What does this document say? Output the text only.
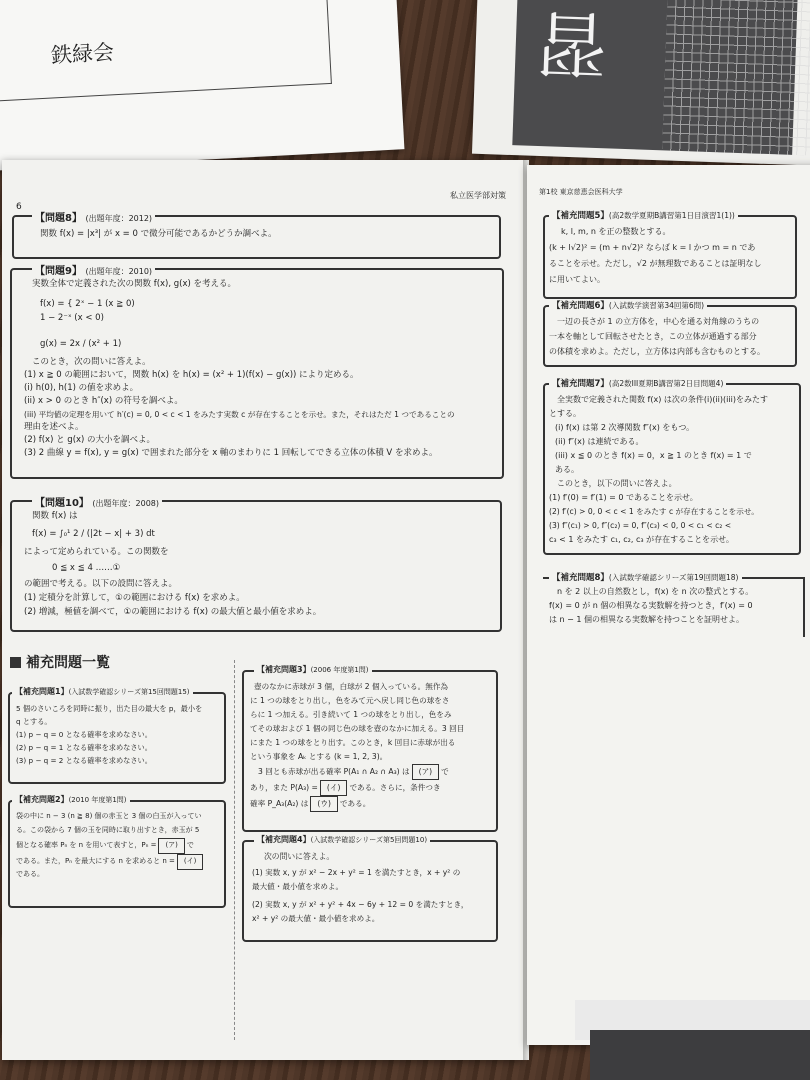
鉄緑会	習
6
私立医学部対策
【問題8】 (出題年度：2012)
関数 f(x) = |x³| が x = 0 で微分可能であるかどうか調べよ。
【問題9】 (出題年度：2010)
実数全体で定義された次の関数 f(x), g(x) を考える。
f(x) = { 2ˣ − 1 (x ≧ 0)
1 − 2⁻ˣ (x < 0)
g(x) = 2x / (x² + 1)
このとき，次の問いに答えよ。
(1) x ≧ 0 の範囲において，関数 h(x) を h(x) = (x² + 1)(f(x) − g(x)) により定める。
(i) h(0), h(1) の値を求めよ。
(ii) x > 0 のとき h″(x) の符号を調べよ。
(iii) 平均値の定理を用いて h′(c) = 0, 0 < c < 1 をみたす実数 c が存在することを示せ。また，それはただ 1 つであることの
理由を述べよ。
(2) f(x) と g(x) の大小を調べよ。
(3) 2 曲線 y = f(x), y = g(x) で囲まれた部分を x 軸のまわりに 1 回転してできる立体の体積 V を求めよ。
【問題10】 (出題年度：2008)
関数 f(x) は
f(x) = ∫₀¹ 2 / (|2t − x| + 3) dt
によって定められている。この関数を
0 ≦ x ≦ 4 ……①
の範囲で考える。以下の設問に答えよ。
(1) 定積分を計算して，①の範囲における f(x) を求めよ。
(2) 増減，極値を調べて，①の範囲における f(x) の最大値と最小値を求めよ。
補充問題一覧
【補充問題1】(入試数学確認シリーズ第15回問題15)
5 個のさいころを同時に振り，出た目の最大を p，最小を
q とする。
(1) p − q = 0 となる確率を求めなさい。
(2) p − q = 1 となる確率を求めなさい。
(3) p − q = 2 となる確率を求めなさい。
【補充問題2】(2010 年度第1問)
袋の中に n − 3 (n ≧ 8) 個の赤玉と 3 個の白玉が入ってい
る。この袋から 7 個の玉を同時に取り出すとき，赤玉が 5
個となる確率 Pₙ を n を用いて表すと，Pₙ = (ア) で
である。また，Pₙ を最大にする n を求めると n = (イ)
である。
【補充問題3】(2006 年度第1問)
壺のなかに赤球が 3 個，白球が 2 個入っている。無作為
に 1 つの球をとり出し，色をみて元へ戻し同じ色の球をさ
らに 1 つ加える。引き続いて 1 つの球をとり出し，色をみ
てその球および 1 個の同じ色の球を壺のなかに加える。3 回目
にまた 1 つの球をとり出す。このとき，k 回目に赤球が出る
という事象を Aₖ とする (k = 1, 2, 3)。
3 回とも赤球が出る確率 P(A₁ ∩ A₂ ∩ A₃) は (ア) で
あり，また P(A₃) = (イ) である。さらに，条件つき
確率 P_A₃(A₂) は (ウ) である。
【補充問題4】(入試数学確認シリーズ第5回問題10)
次の問いに答えよ。
(1) 実数 x, y が x² − 2x + y² = 1 を満たすとき，x + y² の
最大値・最小値を求めよ。
(2) 実数 x, y が x² + y² + 4x − 6y + 12 = 0 を満たすとき，
x² + y² の最大値・最小値を求めよ。
第1校 東京慈恵会医科大学
【補充問題5】(高2数学夏期B講習第1日目演習1(1))
k, l, m, n を正の整数とする。
(k + l√2)² = (m + n√2)² ならば k = l かつ m = n であ
ることを示せ。ただし，√2 が無理数であることは証明なし
に用いてよい。
【補充問題6】(入試数学演習第34回第6問)
一辺の長さが 1 の立方体を，中心を通る対角線のうちの
一本を軸として回転させたとき，この立体が通過する部分
の体積を求めよ。ただし，立方体は内部も含むものとする。
【補充問題7】(高2数III夏期B講習第2日目問題4)
全実数で定義された関数 f(x) は次の条件(i)(ii)(iii)をみたす
とする。
(i) f(x) は第 2 次導関数 f″(x) をもつ。
(ii) f″(x) は連続である。
(iii) x ≦ 0 のとき f(x) = 0，x ≧ 1 のとき f(x) = 1 で
ある。
このとき，以下の問いに答えよ。
(1) f′(0) = f′(1) = 0 であることを示せ。
(2) f′(c) > 0, 0 < c < 1 をみたす c が存在することを示せ。
(3) f″(c₁) > 0, f″(c₂) = 0, f″(c₃) < 0, 0 < c₁ < c₂ <
c₃ < 1 をみたす c₁, c₂, c₃ が存在することを示せ。
【補充問題8】(入試数学確認シリーズ第19回問題18)
n を 2 以上の自然数とし，f(x) を n 次の整式とする。
f(x) = 0 が n 個の相異なる実数解を持つとき，f′(x) = 0
は n − 1 個の相異なる実数解を持つことを証明せよ。
